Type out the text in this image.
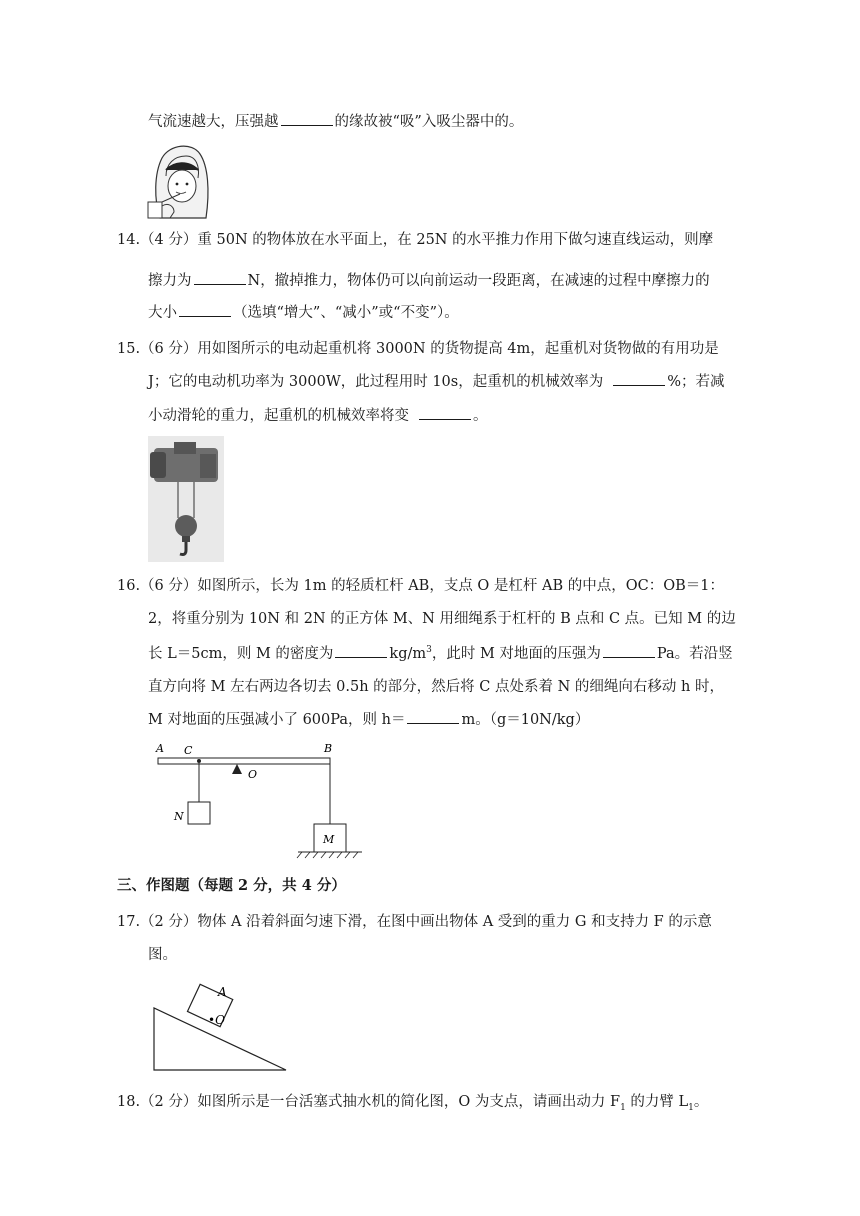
气流速越大，压强越	的缘故被“吸”入吸尘器中的。
14.（4 分）重 50N 的物体放在水平面上，在 25N 的水平推力作用下做匀速直线运动，则摩
擦力为	N，撤掉推力，物体仍可以向前运动一段距离，在减速的过程中摩擦力的
大小	（选填“增大”、“减小”或“不变”）。
15.（6 分）用如图所示的电动起重机将 3000N 的货物提高 4m，起重机对货物做的有用功是
J；它的电动机功率为 3000W，此过程用时 10s，起重机的机械效率为	%；若减
小动滑轮的重力，起重机的机械效率将变	。
16.（6 分）如图所示，长为 1m 的轻质杠杆 AB，支点 O 是杠杆 AB 的中点，OC：OB＝1：
2，将重分别为 10N 和 2N 的正方体 M、N 用细绳系于杠杆的 B 点和 C 点。已知 M 的边
长 L＝5cm，则 M 的密度为	$kg/m^3$，此时 M 对地面的压强为	Pa。若沿竖
直方向将 M 左右两边各切去 0.5h 的部分，然后将 C 点处系着 N 的细绳向右移动 h 时，
M 对地面的压强减小了 600Pa，则 h＝	m。（g＝10N/kg）
A C	B
O
N
M
三、作图题（每题 2 分，共 4 分）
17.（2 分）物体 A 沿着斜面匀速下滑，在图中画出物体 A 受到的重力 G 和支持力 F 的示意
图。
A
•O
18.（2 分）如图所示是一台活塞式抽水机的简化图，O 为支点，请画出动力 $F_1$ 的力臂 $L_1$。
